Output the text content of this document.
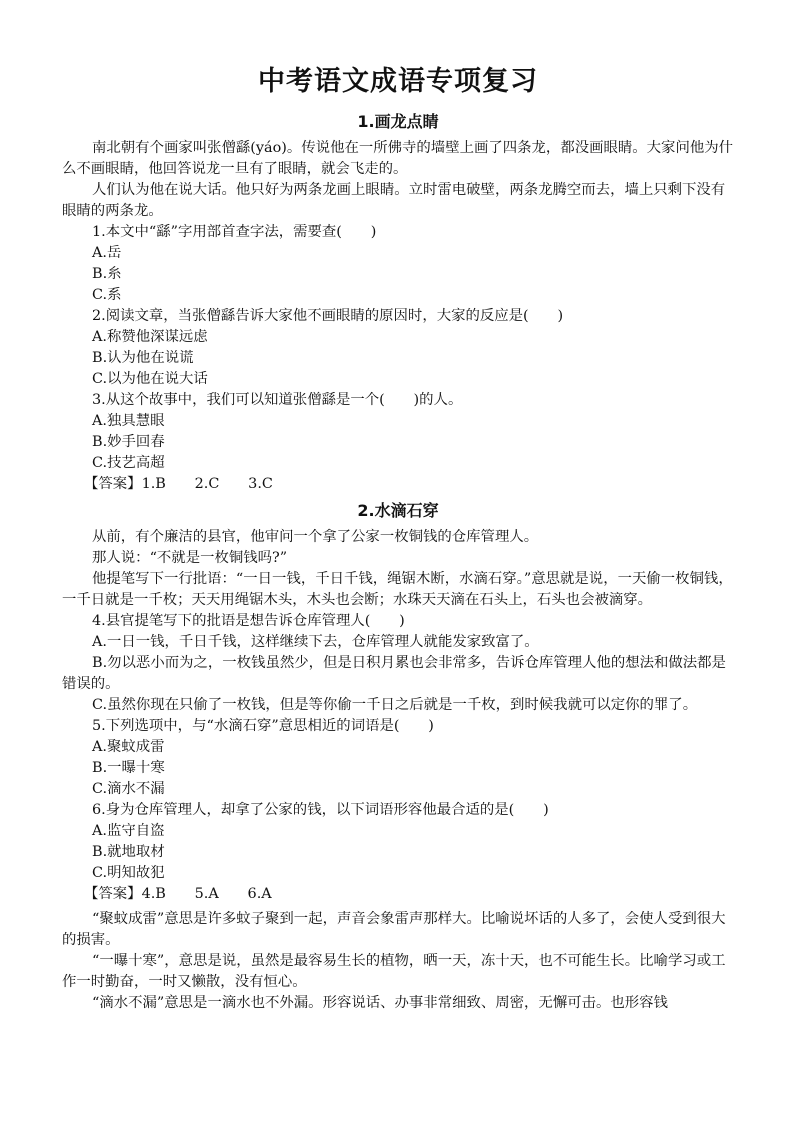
中考语文成语专项复习
1.画龙点睛

南北朝有个画家叫张僧繇(yáo)。传说他在一所佛寺的墙壁上画了四条龙，都没画眼睛。大家问他为什么不画眼睛，他回答说龙一旦有了眼睛，就会飞走的。

人们认为他在说大话。他只好为两条龙画上眼睛。立时雷电破壁，两条龙腾空而去，墙上只剩下没有眼睛的两条龙。

1.本文中“繇”字用部首查字法，需要查(　　)

A.岳

B.糸

C.系

2.阅读文章，当张僧繇告诉大家他不画眼睛的原因时，大家的反应是(　　)

A.称赞他深谋远虑

B.认为他在说谎

C.以为他在说大话

3.从这个故事中，我们可以知道张僧繇是一个(　　)的人。

A.独具慧眼

B.妙手回春

C.技艺高超

【答案】1.B　　2.C　　3.C

2.水滴石穿

从前，有个廉洁的县官，他审问一个拿了公家一枚铜钱的仓库管理人。

那人说：“不就是一枚铜钱吗?”

他提笔写下一行批语：“一日一钱，千日千钱，绳锯木断，水滴石穿。”意思就是说，一天偷一枚铜钱，一千日就是一千枚；天天用绳锯木头，木头也会断；水珠天天滴在石头上，石头也会被滴穿。

4.县官提笔写下的批语是想告诉仓库管理人(　　)

A.一日一钱，千日千钱，这样继续下去，仓库管理人就能发家致富了。

B.勿以恶小而为之，一枚钱虽然少，但是日积月累也会非常多，告诉仓库管理人他的想法和做法都是错误的。

C.虽然你现在只偷了一枚钱，但是等你偷一千日之后就是一千枚，到时候我就可以定你的罪了。

5.下列选项中，与“水滴石穿”意思相近的词语是(　　)

A.聚蚊成雷

B.一曝十寒

C.滴水不漏

6.身为仓库管理人，却拿了公家的钱，以下词语形容他最合适的是(　　)

A.监守自盗

B.就地取材

C.明知故犯

【答案】4.B　　5.A　　6.A

“聚蚊成雷”意思是许多蚊子聚到一起，声音会象雷声那样大。比喻说坏话的人多了，会使人受到很大的损害。

“一曝十寒”，意思是说，虽然是最容易生长的植物，晒一天，冻十天，也不可能生长。比喻学习或工作一时勤奋，一时又懒散，没有恒心。

“滴水不漏”意思是一滴水也不外漏。形容说话、办事非常细致、周密，无懈可击。也形容钱
